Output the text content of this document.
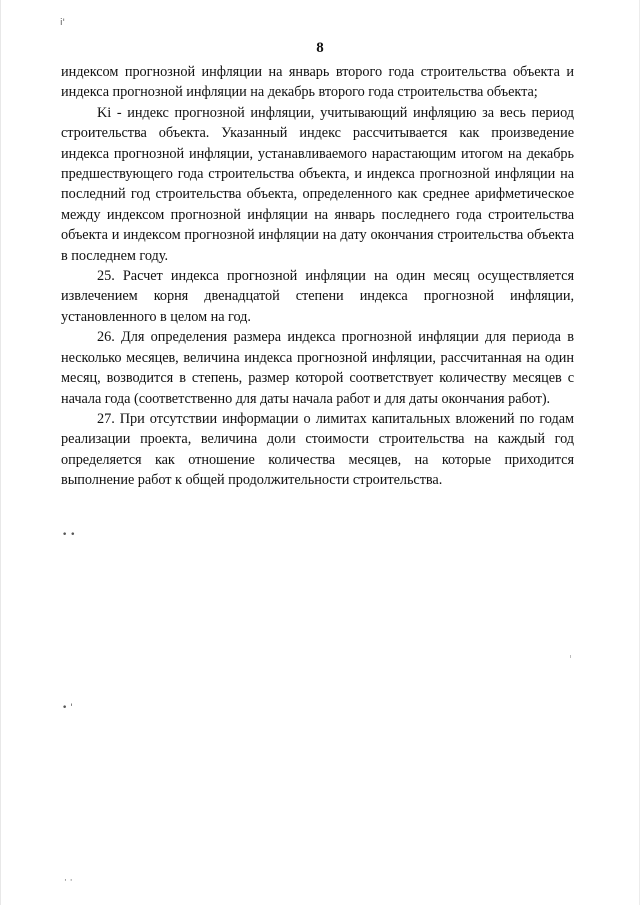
і'
8

индексом прогнозной инфляции на январь второго года строительства объекта и индекса прогнозной инфляции на декабрь второго года строительства объекта;

Ki - индекс прогнозной инфляции, учитывающий инфляцию за весь период строительства объекта. Указанный индекс рассчитывается как произведение индекса прогнозной инфляции, устанавливаемого нарастающим итогом на декабрь предшествующего года строительства объекта, и индекса прогнозной инфляции на последний год строительства объекта, определенного как среднее арифметическое между индексом прогнозной инфляции на январь последнего года строительства объекта и индексом прогнозной инфляции на дату окончания строительства объекта в последнем году.

25. Расчет индекса прогнозной инфляции на один месяц осуществляется извлечением корня двенадцатой степени индекса прогнозной инфляции, установленного в целом на год.

26. Для определения размера индекса прогнозной инфляции для периода в несколько месяцев, величина индекса прогнозной инфляции, рассчитанная на один месяц, возводится в степень, размер которой соответствует количеству месяцев с начала года (соответственно для даты начала работ и для даты окончания работ).

27. При отсутствии информации о лимитах капитальных вложений по годам реализации проекта, величина доли стоимости строительства на каждый год определяется как отношение количества месяцев, на которые приходится выполнение работ к общей продолжительности строительства.

• •
• '
· ·
